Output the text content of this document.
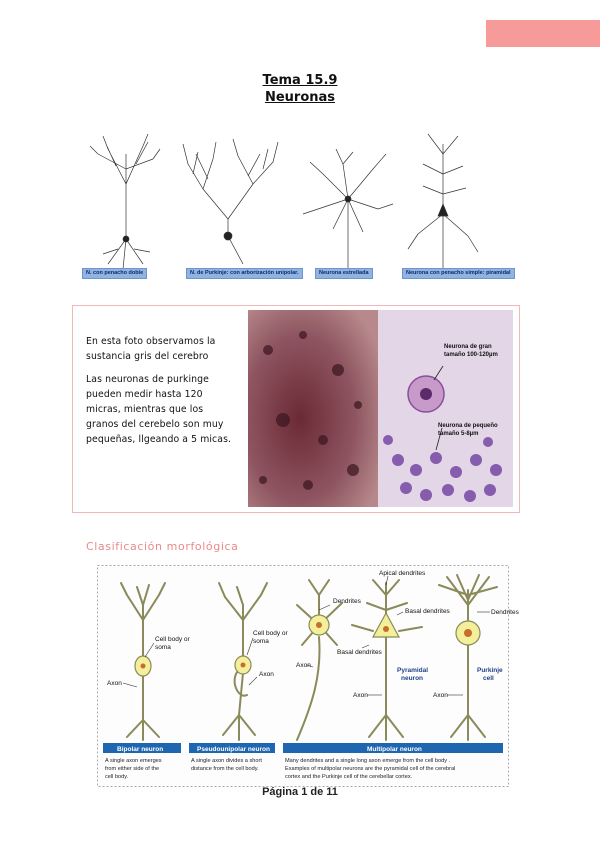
Tema 15.9
Neuronas
N. con penacho doble	N. de Purkinje: con arborización unipolar.	Neurona estrellada	Neurona con penacho simple: piramidal

En esta foto observamos la sustancia gris del cerebro

Las neuronas de purkinge pueden medir hasta 120 micras, mientras que los granos del cerebelo son muy pequeñas, llgeando a 5 micas.

Neurona de gran
tamaño 100-120µm
Neurona de pequeño
tamaño 5-8µm
Clasificación morfológica
Cell body or
soma
Axon
Cell body or
soma
Axon
Dendrites
Axon
Apical dendrites
Basal dendrites
Basal dendrites
Pyramidal
neuron
Axon
Dendrites
Purkinje
cell
Axon
Bipolar neuron	Pseudounipolar neuron	Multipolar neuron
A single axon emerges
from either side of the
cell body.
A single axon divides a short
distance from the cell body.
Many dendrites and a single long axon emerge from the cell body .
Examples of multipolar neurons are the pyramidal cell of the cerebral
cortex and the Purkinje cell of the cerebellar cortex.
Página 1 de 11
